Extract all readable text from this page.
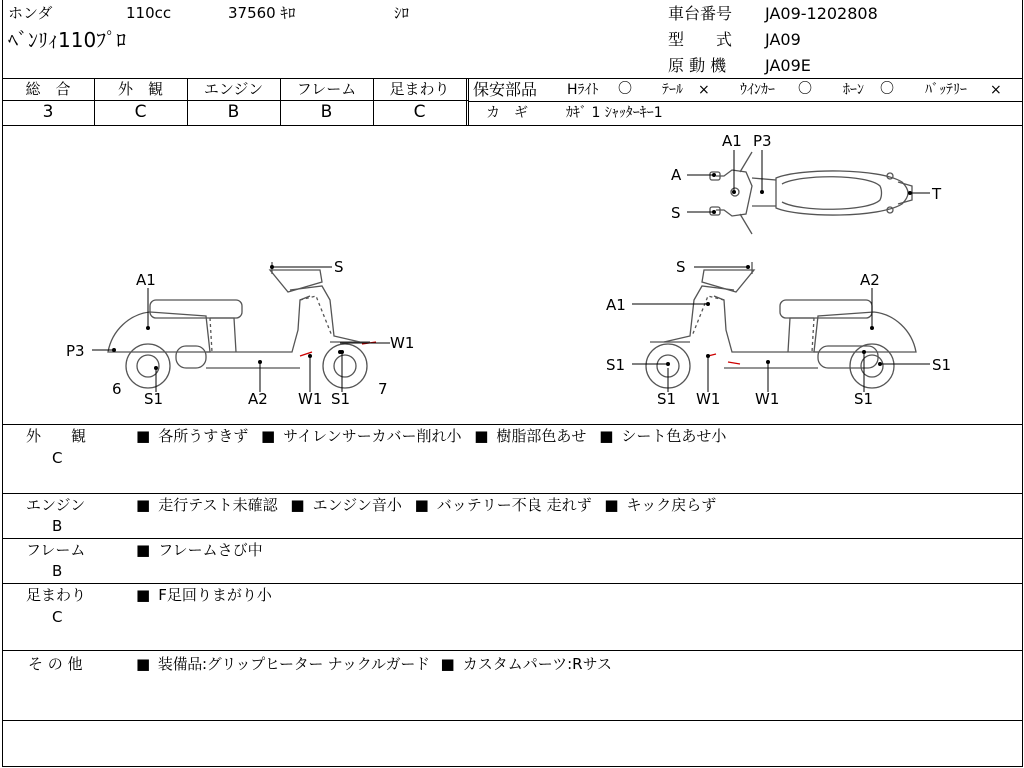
ホンダ	110cc	37560 ｷﾛ	ｼﾛ
ﾍﾞﾝﾘｨ110ﾌﾟﾛ
車台番号 JA09-1202808
型　　式 JA09
原 動 機 JA09E
総　合	外　観	エンジン	フレーム	足まわり
3	C	B	B	C
保安部品 Hﾗｲﾄ 〇 ﾃｰﾙ × ｳｲﾝｶｰ 〇 ﾎｰﾝ 〇 ﾊﾞｯﾃﾘｰ ×
カ　ギ	ｶｷﾞ 1 ｼｬｯﾀｰｷｰ1
A1 P3
A
S
T
A1
S
P3	W1
6	7
S1	A2 W1 S1
S
A2
A1
S1	S1
S1 W1 W1	S1
外　　観
C
■ 各所うすきず ■ サイレンサーカバー削れ小 ■ 樹脂部色あせ ■ シート色あせ小
エンジン
B
■ 走行テスト未確認 ■ エンジン音小 ■ バッテリー不良 走れず ■ キック戻らず
フレーム
B
■ フレームさび中
足まわり
C
■ F足回りまがり小
そ の 他	■ 装備品:グリップヒーター ナックルガード ■ カスタムパーツ:Rサス
